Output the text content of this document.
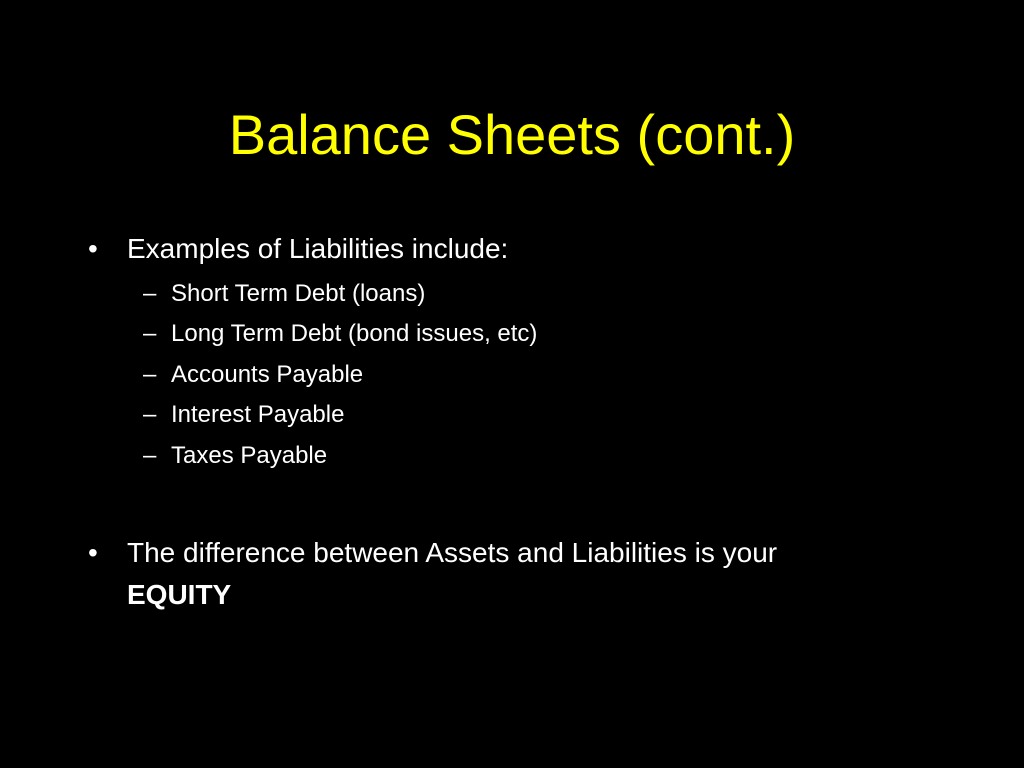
Balance Sheets (cont.)
• Examples of Liabilities include:
– Short Term Debt (loans)
– Long Term Debt (bond issues, etc)
– Accounts Payable
– Interest Payable
– Taxes Payable
• The difference between Assets and Liabilities is your
EQUITY
